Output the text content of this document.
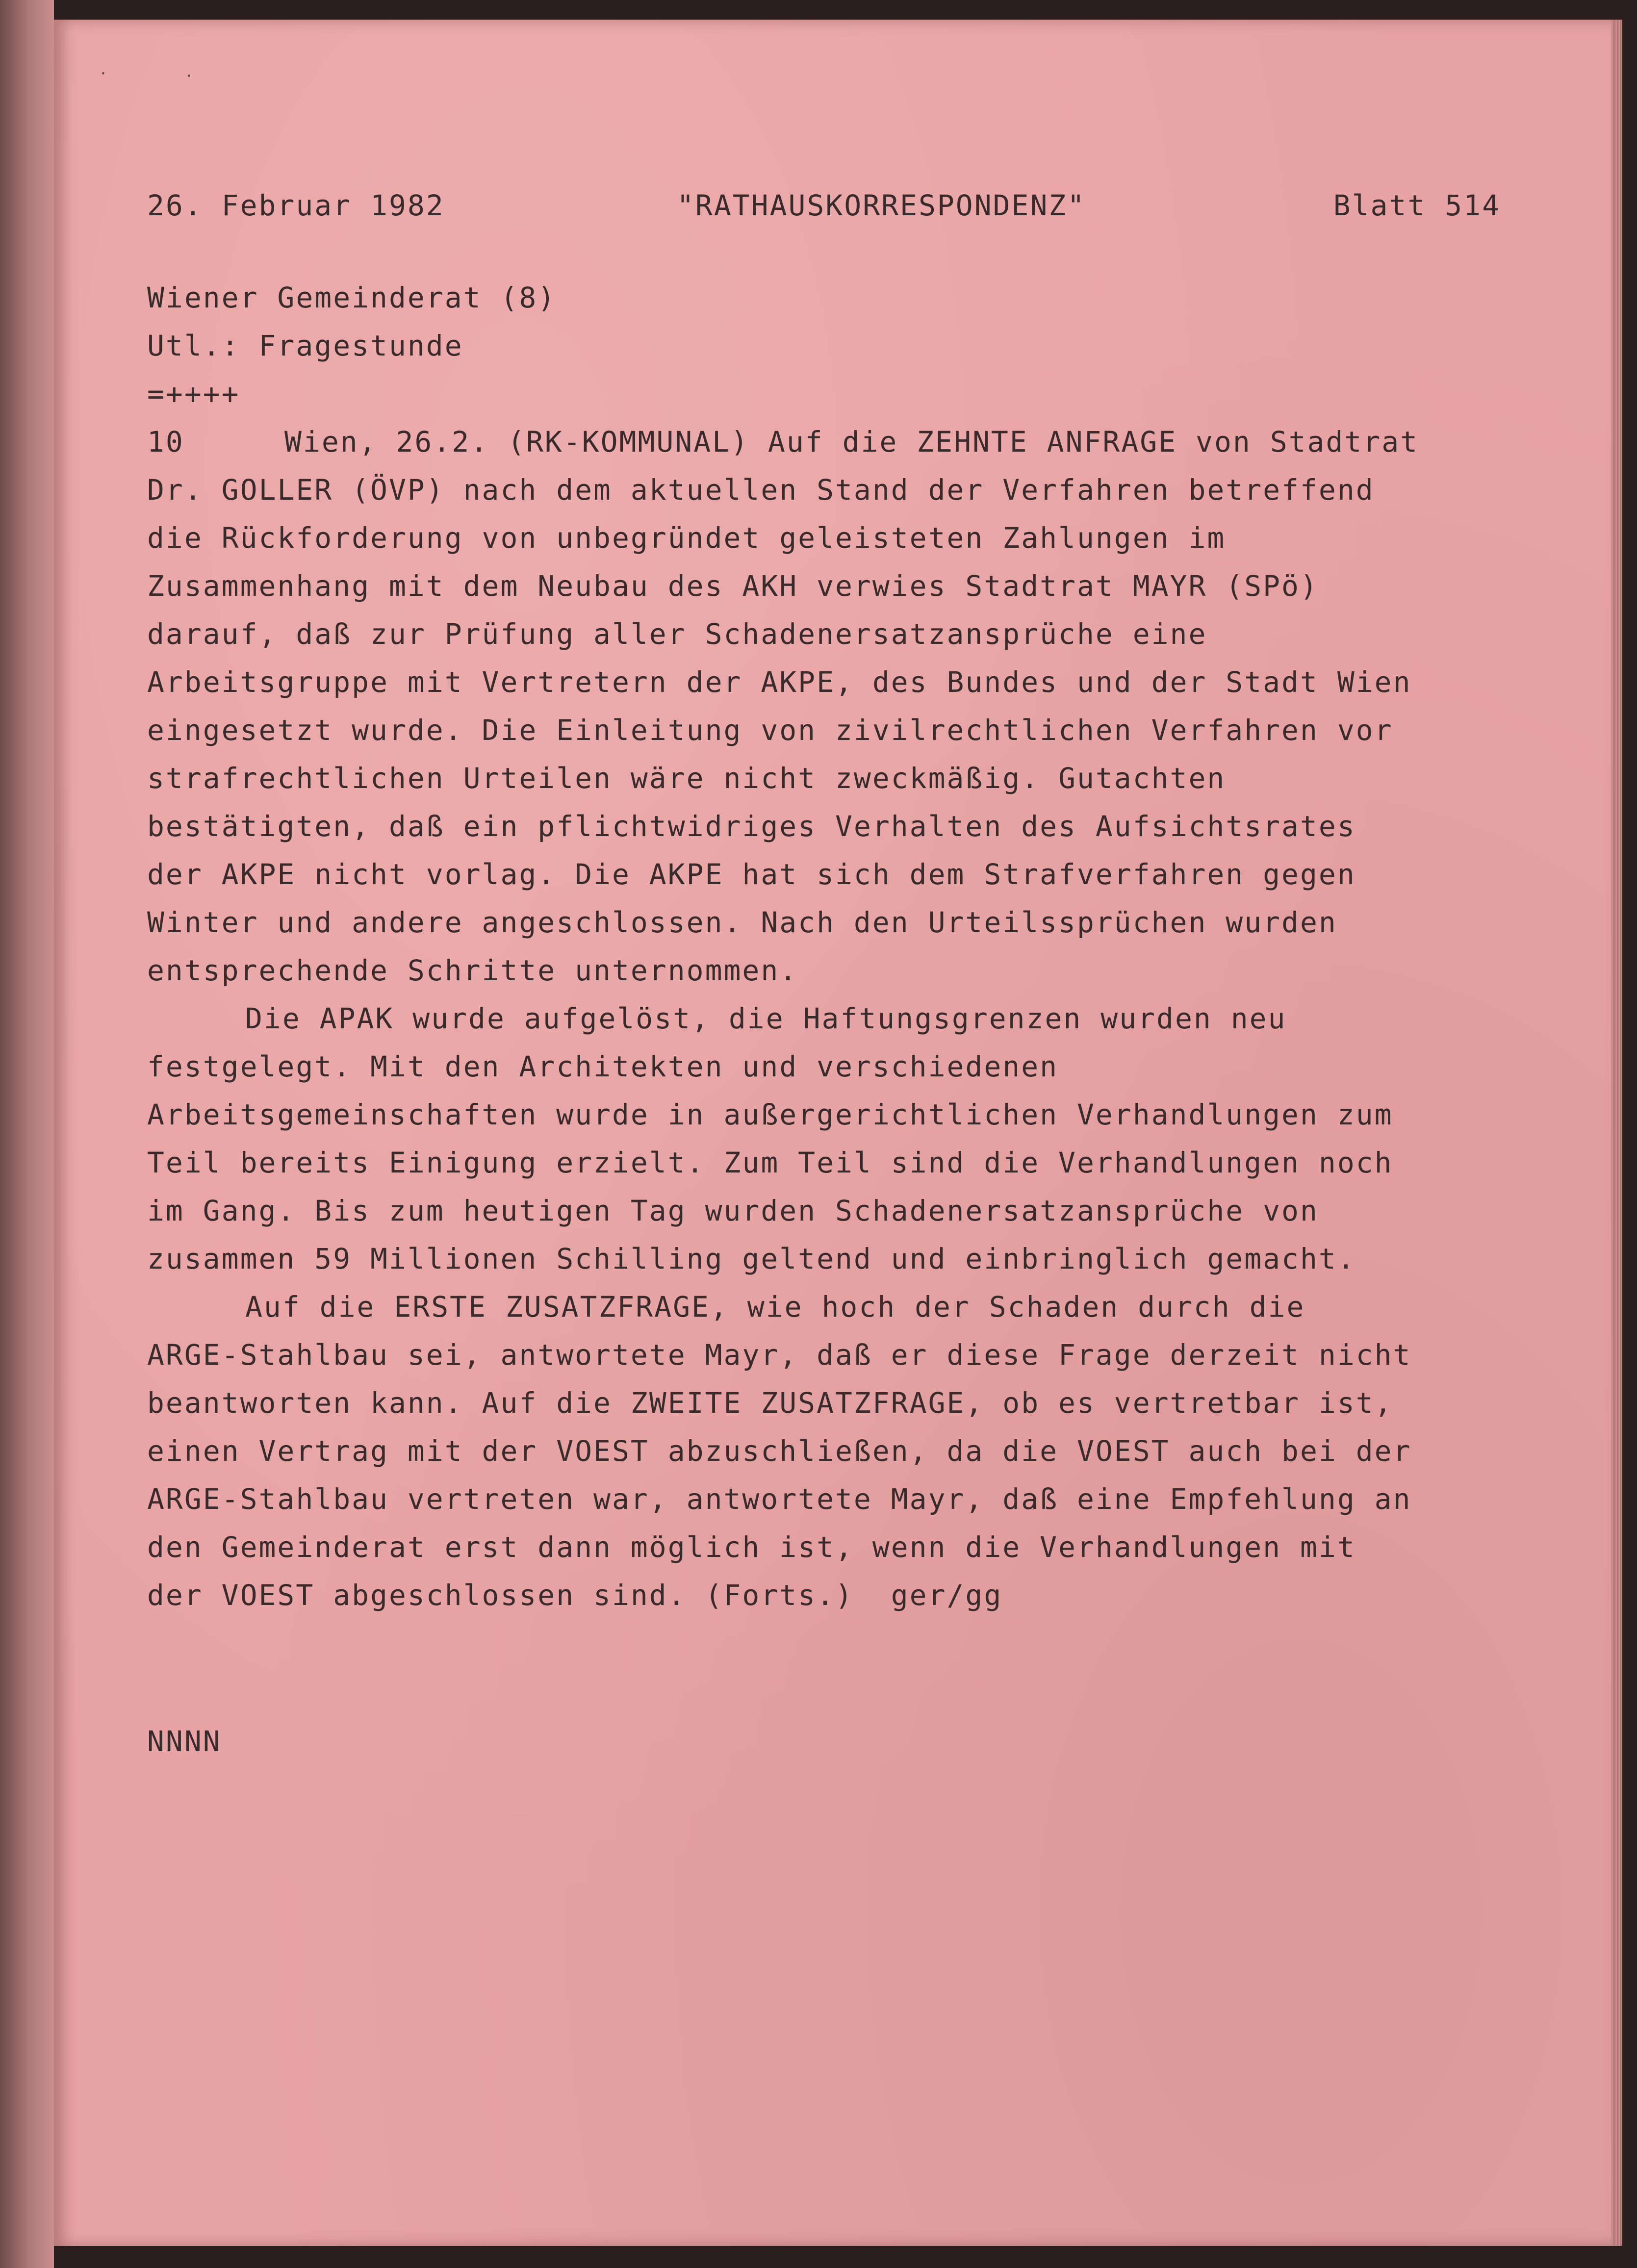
·	·
26. Februar 1982	"RATHAUSKORRESPONDENZ"	Blatt 514
Wiener Gemeinderat (8)
Utl.: Fragestunde
=++++
10	Wien, 26.2. (RK-KOMMUNAL) Auf die ZEHNTE ANFRAGE von Stadtrat
Dr. GOLLER (ÖVP) nach dem aktuellen Stand der Verfahren betreffend
die Rückforderung von unbegründet geleisteten Zahlungen im
Zusammenhang mit dem Neubau des AKH verwies Stadtrat MAYR (SPö)
darauf, daß zur Prüfung aller Schadenersatzansprüche eine
Arbeitsgruppe mit Vertretern der AKPE, des Bundes und der Stadt Wien
eingesetzt wurde. Die Einleitung von zivilrechtlichen Verfahren vor
strafrechtlichen Urteilen wäre nicht zweckmäßig. Gutachten
bestätigten, daß ein pflichtwidriges Verhalten des Aufsichtsrates
der AKPE nicht vorlag. Die AKPE hat sich dem Strafverfahren gegen
Winter und andere angeschlossen. Nach den Urteilssprüchen wurden
entsprechende Schritte unternommen.
Die APAK wurde aufgelöst, die Haftungsgrenzen wurden neu
festgelegt. Mit den Architekten und verschiedenen
Arbeitsgemeinschaften wurde in außergerichtlichen Verhandlungen zum
Teil bereits Einigung erzielt. Zum Teil sind die Verhandlungen noch
im Gang. Bis zum heutigen Tag wurden Schadenersatzansprüche von
zusammen 59 Millionen Schilling geltend und einbringlich gemacht.
Auf die ERSTE ZUSATZFRAGE, wie hoch der Schaden durch die
ARGE-Stahlbau sei, antwortete Mayr, daß er diese Frage derzeit nicht
beantworten kann. Auf die ZWEITE ZUSATZFRAGE, ob es vertretbar ist,
einen Vertrag mit der VOEST abzuschließen, da die VOEST auch bei der
ARGE-Stahlbau vertreten war, antwortete Mayr, daß eine Empfehlung an
den Gemeinderat erst dann möglich ist, wenn die Verhandlungen mit
der VOEST abgeschlossen sind. (Forts.)  ger/gg
NNNN
